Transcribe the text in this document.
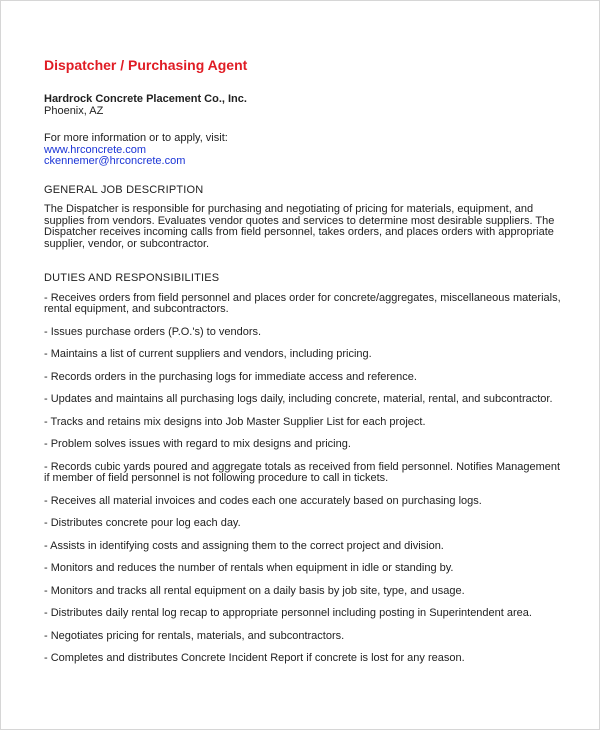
Dispatcher / Purchasing Agent
Hardrock Concrete Placement Co., Inc.
Phoenix, AZ
For more information or to apply, visit:
www.hrconcrete.com
ckennemer@hrconcrete.com
GENERAL JOB DESCRIPTION
The Dispatcher is responsible for purchasing and negotiating of pricing for materials, equipment, and supplies from vendors. Evaluates vendor quotes and services to determine most desirable suppliers. The Dispatcher receives incoming calls from field personnel, takes orders, and places orders with appropriate supplier, vendor, or subcontractor.
DUTIES AND RESPONSIBILITIES
- Receives orders from field personnel and places order for concrete/aggregates, miscellaneous materials, rental equipment, and subcontractors.
- Issues purchase orders (P.O.'s) to vendors.
- Maintains a list of current suppliers and vendors, including pricing.
- Records orders in the purchasing logs for immediate access and reference.
- Updates and maintains all purchasing logs daily, including concrete, material, rental, and subcontractor.
- Tracks and retains mix designs into Job Master Supplier List for each project.
- Problem solves issues with regard to mix designs and pricing.
- Records cubic yards poured and aggregate totals as received from field personnel. Notifies Management if member of field personnel is not following procedure to call in tickets.
- Receives all material invoices and codes each one accurately based on purchasing logs.
- Distributes concrete pour log each day.
- Assists in identifying costs and assigning them to the correct project and division.
- Monitors and reduces the number of rentals when equipment in idle or standing by.
- Monitors and tracks all rental equipment on a daily basis by job site, type, and usage.
- Distributes daily rental log recap to appropriate personnel including posting in Superintendent area.
- Negotiates pricing for rentals, materials, and subcontractors.
- Completes and distributes Concrete Incident Report if concrete is lost for any reason.
